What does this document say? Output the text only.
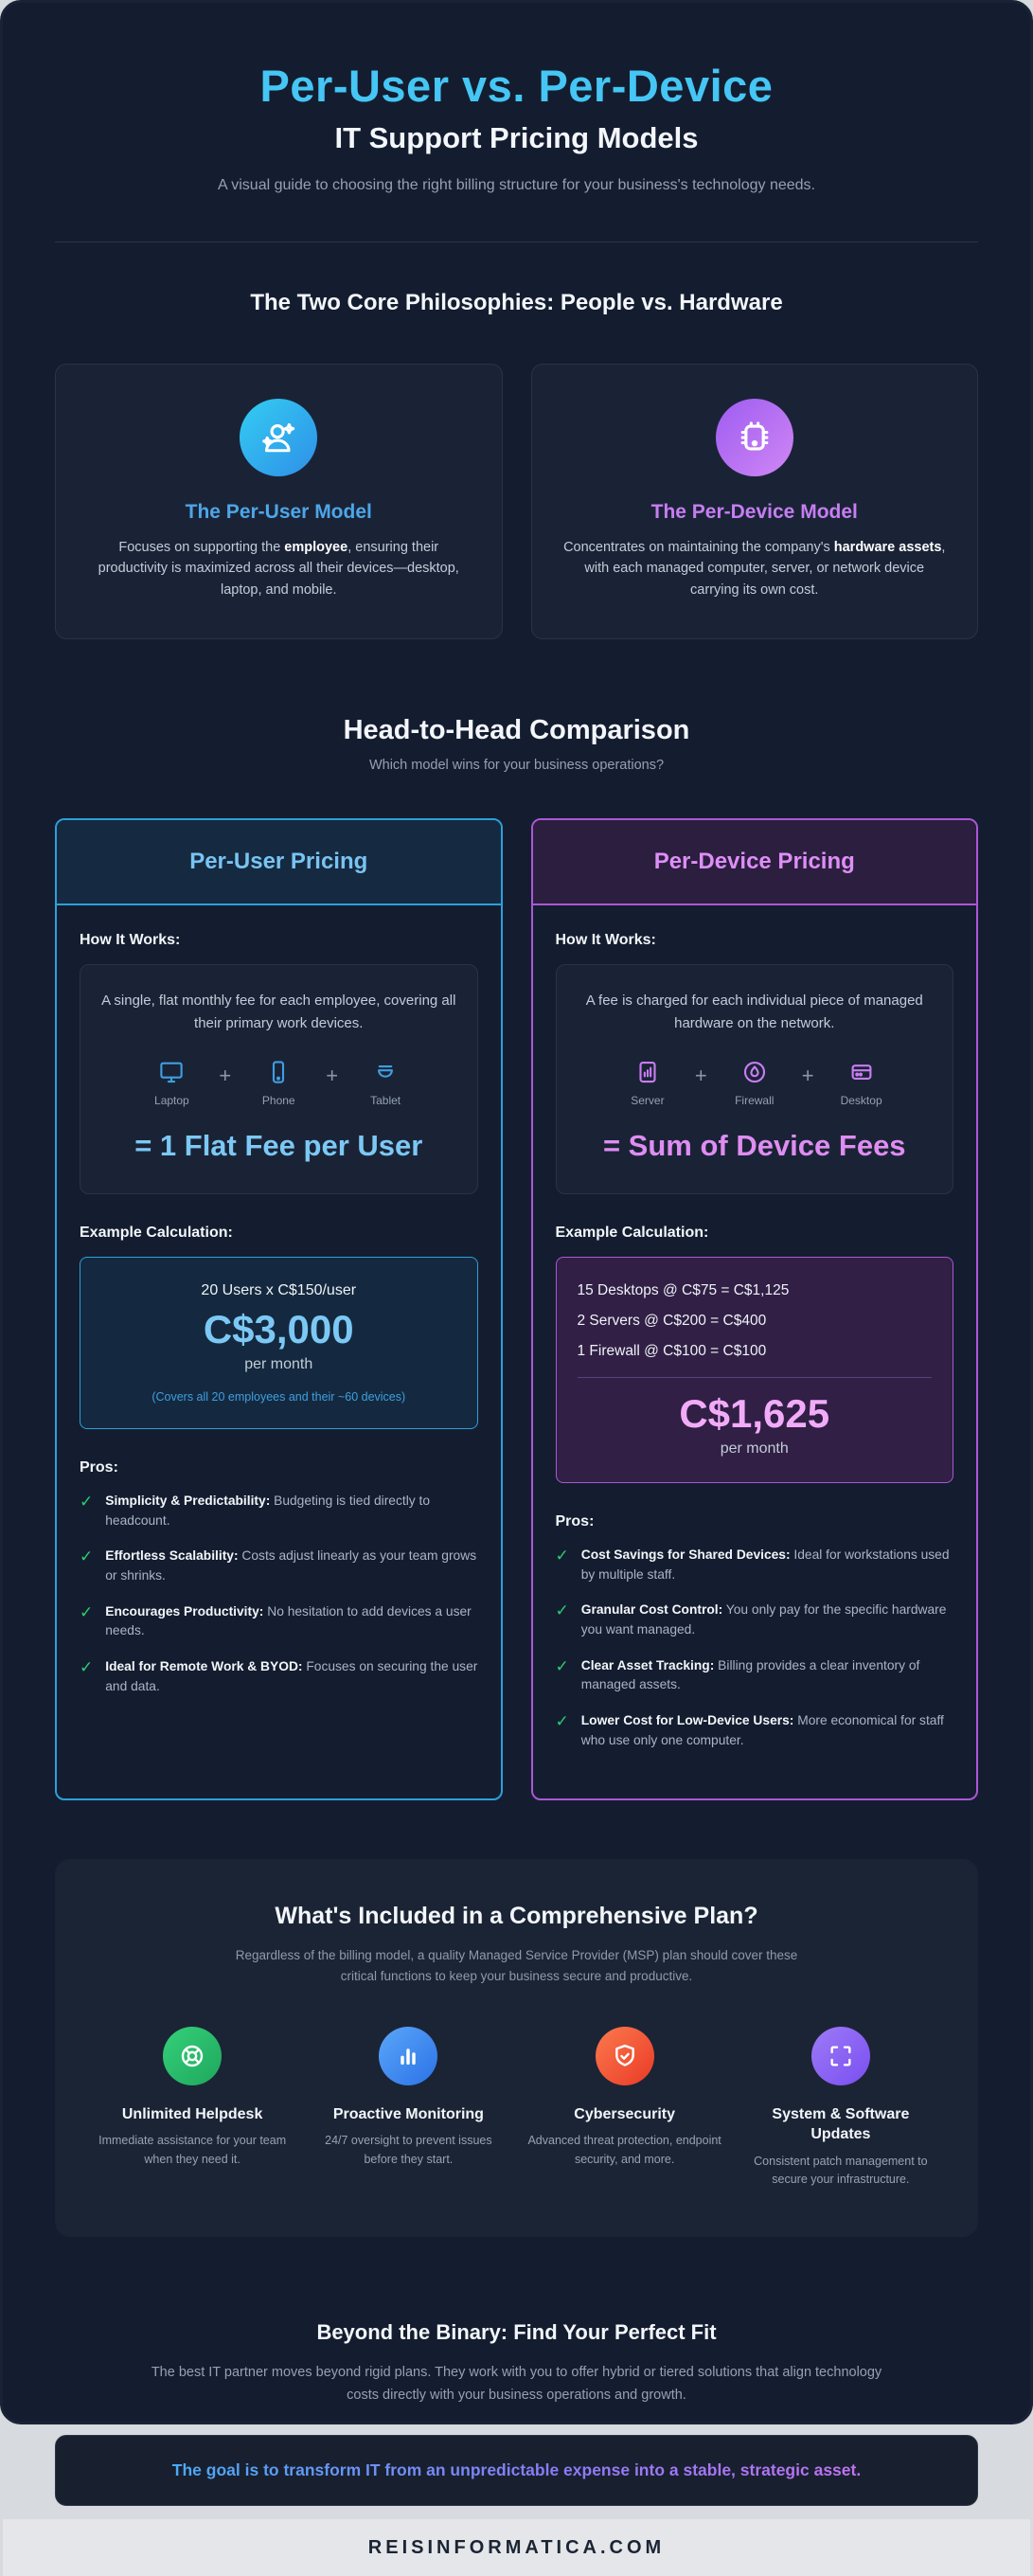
Per-User vs. Per-Device
IT Support Pricing Models

A visual guide to choosing the right billing structure for your business's technology needs.

The Two Core Philosophies: People vs. Hardware
The Per-User Model

Focuses on supporting the employee, ensuring their productivity is maximized across all their devices—desktop, laptop, and mobile.

The Per-Device Model

Concentrates on maintaining the company's hardware assets, with each managed computer, server, or network device carrying its own cost.

Head-to-Head Comparison

Which model wins for your business operations?

Per-User Pricing

How It Works:

A single, flat monthly fee for each employee, covering all their primary work devices.

Laptop
+
Phone
+
Tablet

= 1 Flat Fee per User

Example Calculation:

20 Users x C$150/user

C$3,000

per month

(Covers all 20 employees and their ~60 devices)

Pros:

✓ Simplicity & Predictability: Budgeting is tied directly to headcount.
✓ Effortless Scalability: Costs adjust linearly as your team grows or shrinks.
✓ Encourages Productivity: No hesitation to add devices a user needs.
✓ Ideal for Remote Work & BYOD: Focuses on securing the user and data.
Per-Device Pricing

How It Works:

A fee is charged for each individual piece of managed hardware on the network.

Server
+
Firewall
+
Desktop

= Sum of Device Fees

Example Calculation:

15 Desktops @ C$75 = C$1,125

2 Servers @ C$200 = C$400

1 Firewall @ C$100 = C$100

C$1,625

per month

Pros:

✓ Cost Savings for Shared Devices: Ideal for workstations used by multiple staff.
✓ Granular Cost Control: You only pay for the specific hardware you want managed.
✓ Clear Asset Tracking: Billing provides a clear inventory of managed assets.
✓ Lower Cost for Low-Device Users: More economical for staff who use only one computer.
What's Included in a Comprehensive Plan?

Regardless of the billing model, a quality Managed Service Provider (MSP) plan should cover these critical functions to keep your business secure and productive.

Unlimited Helpdesk

Immediate assistance for your team when they need it.

Proactive Monitoring

24/7 oversight to prevent issues before they start.

Cybersecurity

Advanced threat protection, endpoint security, and more.

System & Software Updates

Consistent patch management to secure your infrastructure.

Beyond the Binary: Find Your Perfect Fit

The best IT partner moves beyond rigid plans. They work with you to offer hybrid or tiered solutions that align technology costs directly with your business operations and growth.

The goal is to transform IT from an unpredictable expense into a stable, strategic asset.

REISINFORMATICA.COM
